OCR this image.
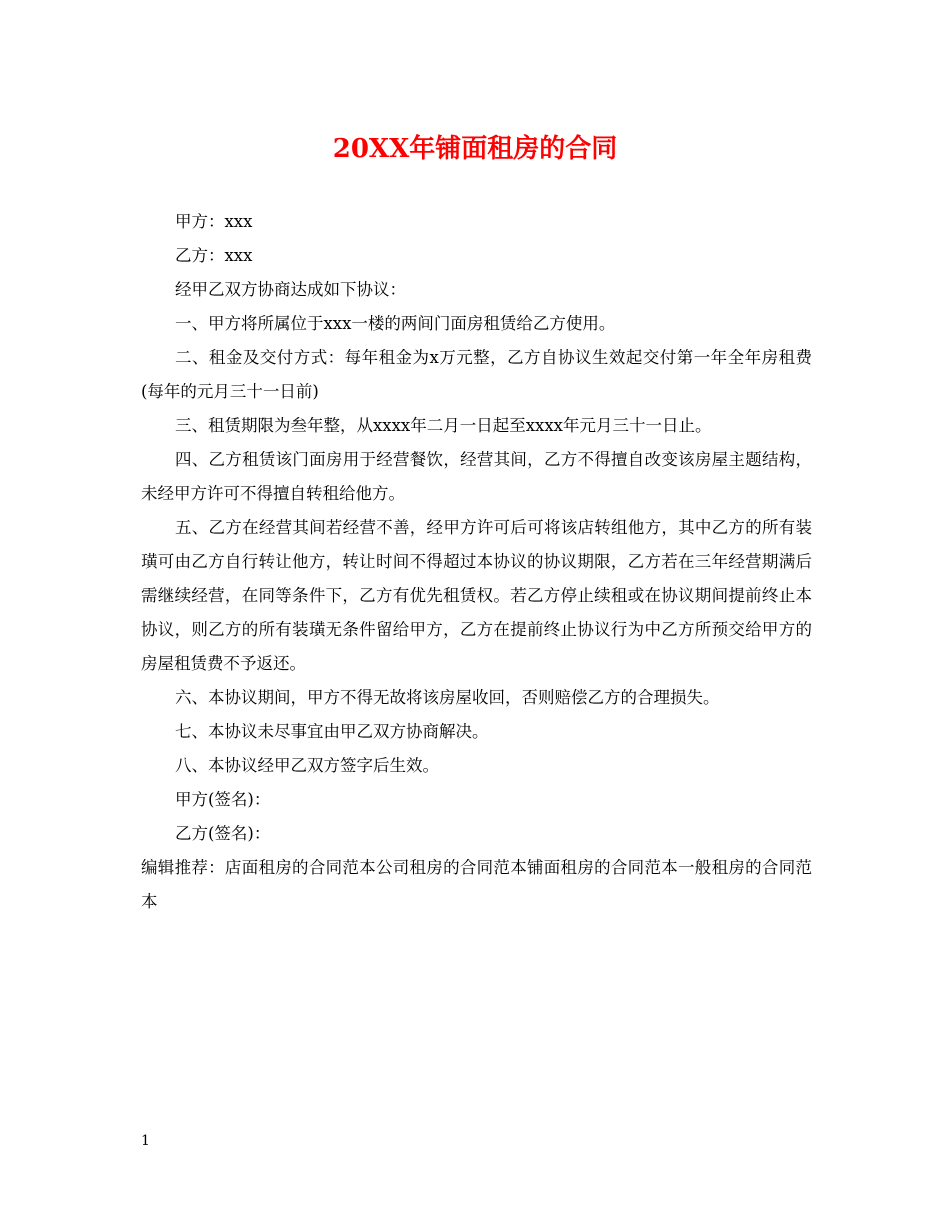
20XX年铺面租房的合同

甲方：xxx

乙方：xxx

经甲乙双方协商达成如下协议：

一、甲方将所属位于xxx一楼的两间门面房租赁给乙方使用。

二、租金及交付方式：每年租金为x万元整，乙方自协议生效起交付第一年全年房租费(每年的元月三十一日前)

三、租赁期限为叁年整，从xxxx年二月一日起至xxxx年元月三十一日止。

四、乙方租赁该门面房用于经营餐饮，经营其间，乙方不得擅自改变该房屋主题结构，未经甲方许可不得擅自转租给他方。

五、乙方在经营其间若经营不善，经甲方许可后可将该店转组他方，其中乙方的所有装璜可由乙方自行转让他方，转让时间不得超过本协议的协议期限，乙方若在三年经营期满后需继续经营，在同等条件下，乙方有优先租赁权。若乙方停止续租或在协议期间提前终止本协议，则乙方的所有装璜无条件留给甲方，乙方在提前终止协议行为中乙方所预交给甲方的房屋租赁费不予返还。

六、本协议期间，甲方不得无故将该房屋收回，否则赔偿乙方的合理损失。

七、本协议未尽事宜由甲乙双方协商解决。

八、本协议经甲乙双方签字后生效。

甲方(签名)：

乙方(签名)：

编辑推荐：店面租房的合同范本公司租房的合同范本铺面租房的合同范本一般租房的合同范本

1
